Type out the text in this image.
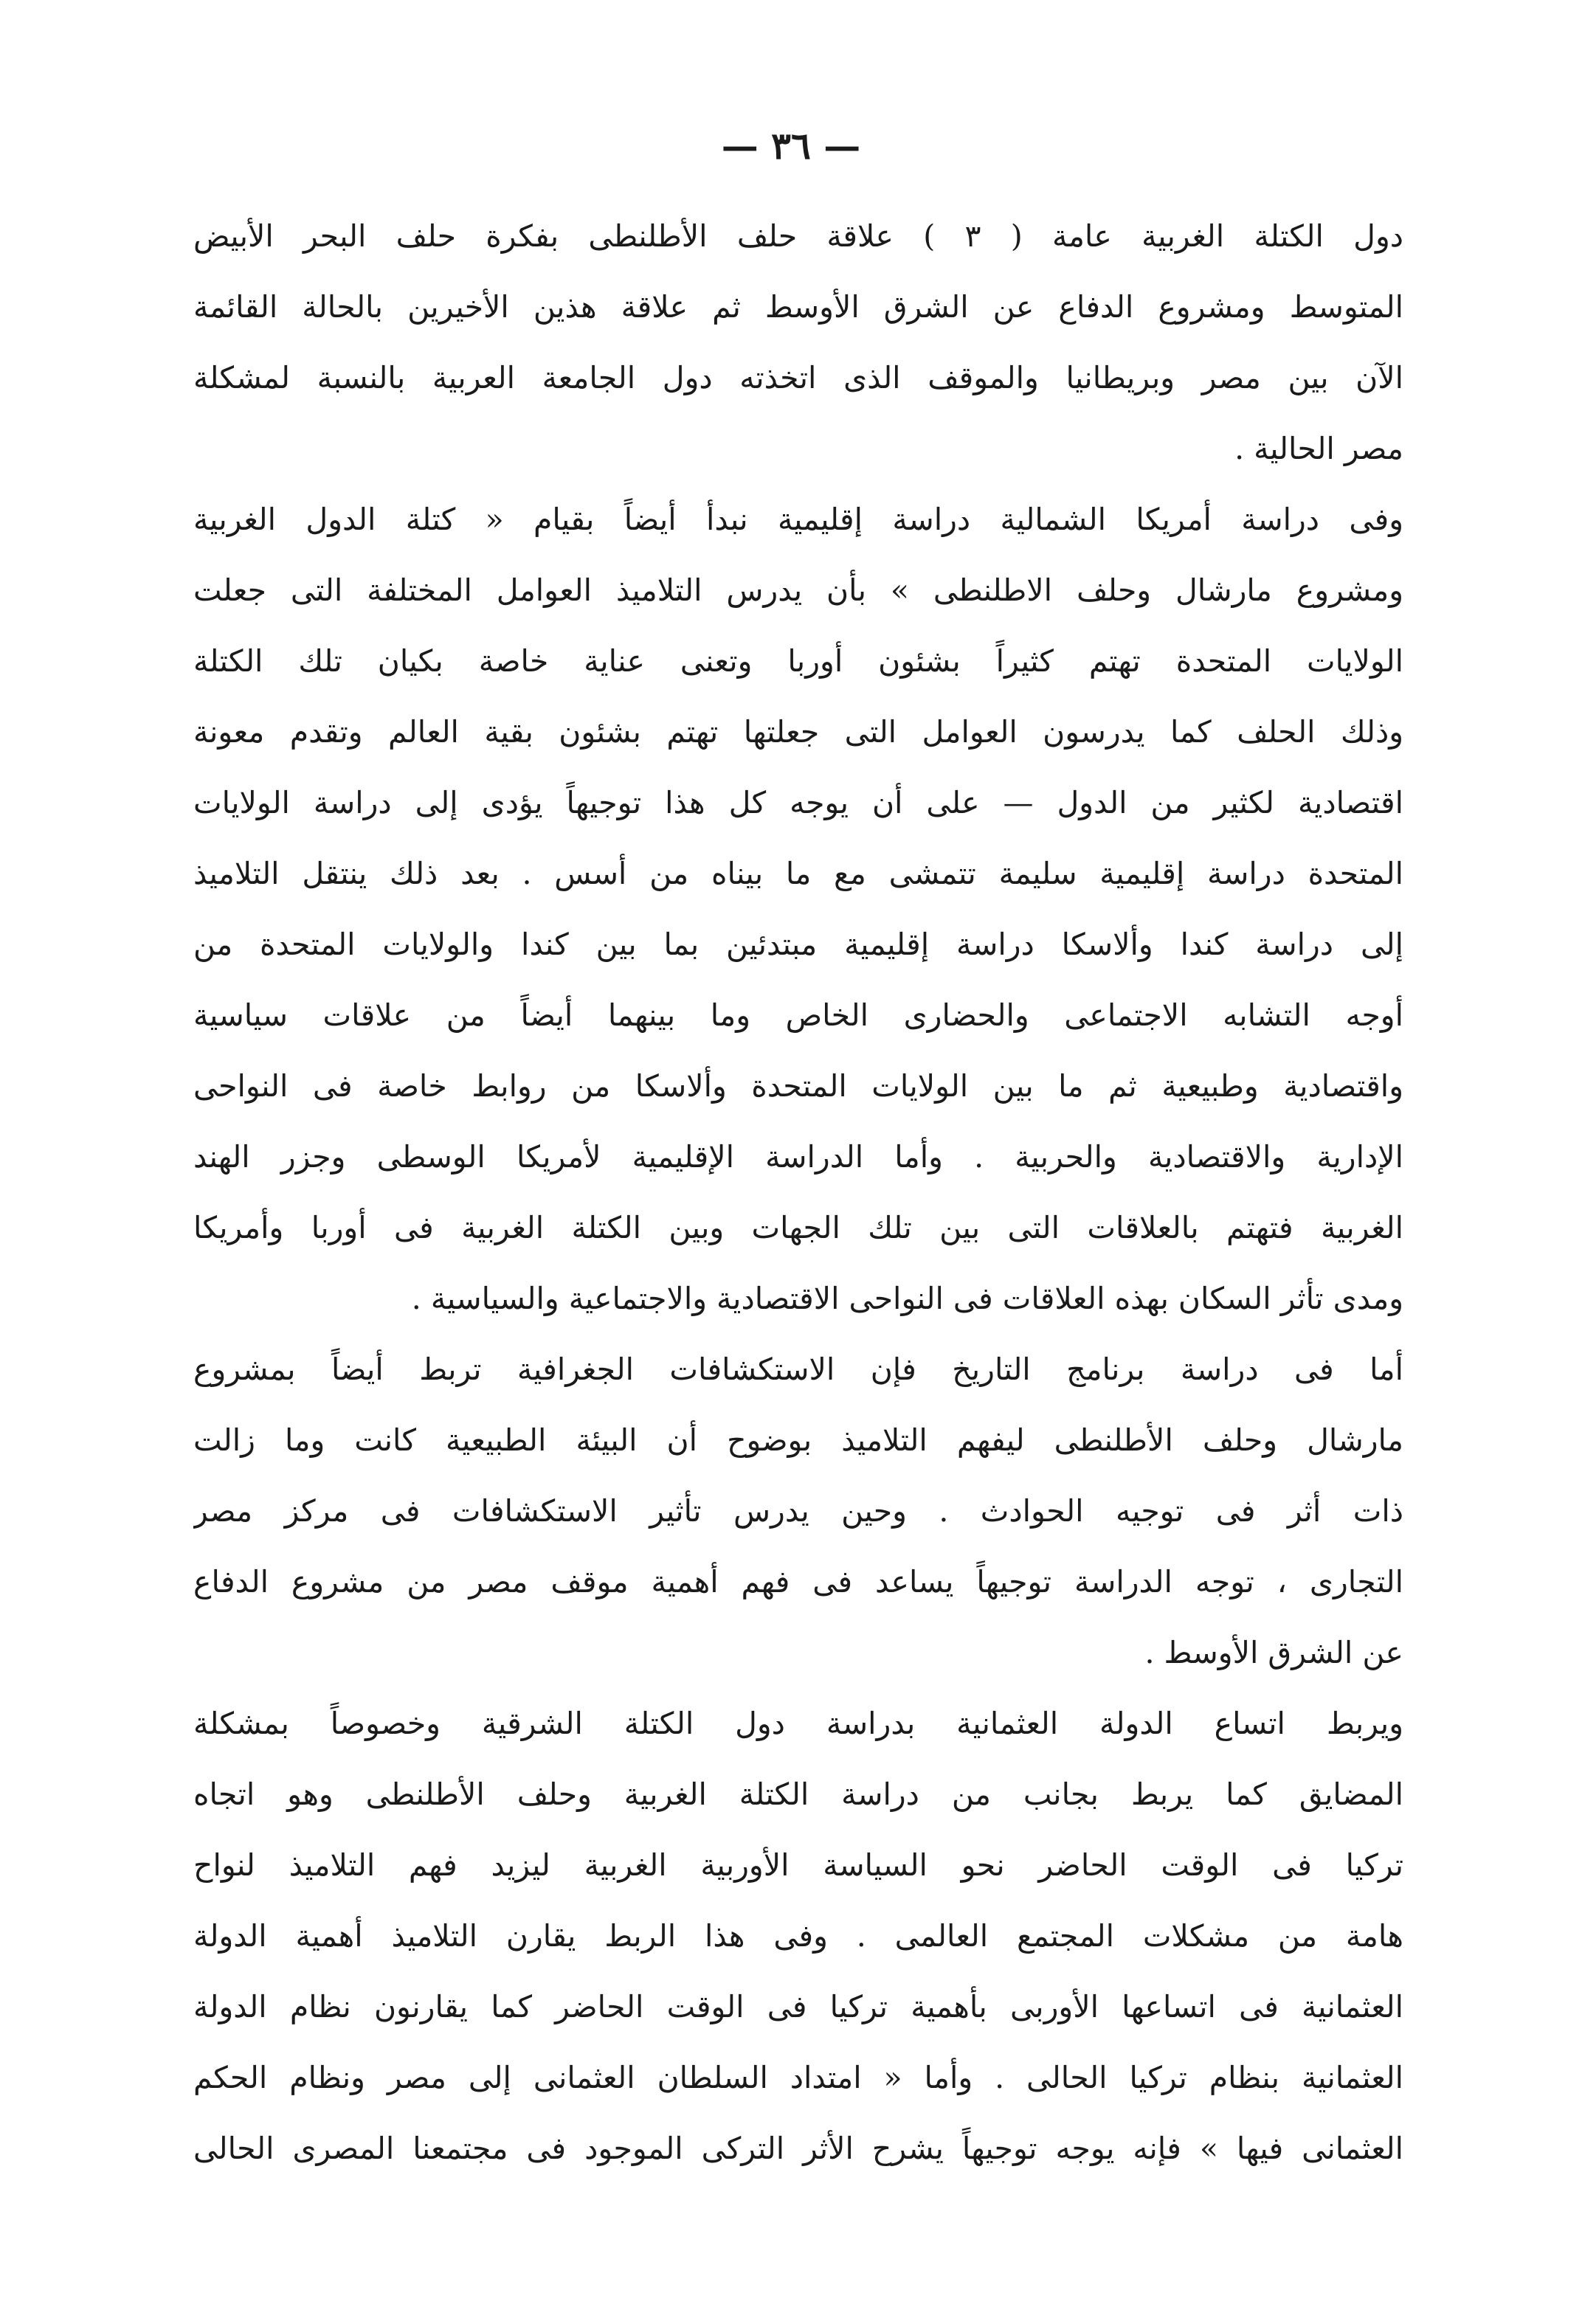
— ٣٦ —
دول الكتلة الغربية عامة ( ٣ ) علاقة حلف الأطلنطى بفكرة حلف البحر الأبيض
المتوسط ومشروع الدفاع عن الشرق الأوسط ثم علاقة هذين الأخيرين بالحالة القائمة
الآن بين مصر وبريطانيا والموقف الذى اتخذته دول الجامعة العربية بالنسبة لمشكلة
مصر الحالية .
وفى دراسة أمريكا الشمالية دراسة إقليمية نبدأ أيضاً بقيام « كتلة الدول الغربية
ومشروع مارشال وحلف الاطلنطى » بأن يدرس التلاميذ العوامل المختلفة التى جعلت
الولايات المتحدة تهتم كثيراً بشئون أوربا وتعنى عناية خاصة بكيان تلك الكتلة
وذلك الحلف كما يدرسون العوامل التى جعلتها تهتم بشئون بقية العالم وتقدم معونة
اقتصادية لكثير من الدول — على أن يوجه كل هذا توجيهاً يؤدى إلى دراسة الولايات
المتحدة دراسة إقليمية سليمة تتمشى مع ما بيناه من أسس . بعد ذلك ينتقل التلاميذ
إلى دراسة كندا وألاسكا دراسة إقليمية مبتدئين بما بين كندا والولايات المتحدة من
أوجه التشابه الاجتماعى والحضارى الخاص وما بينهما أيضاً من علاقات سياسية
واقتصادية وطبيعية ثم ما بين الولايات المتحدة وألاسكا من روابط خاصة فى النواحى
الإدارية والاقتصادية والحربية . وأما الدراسة الإقليمية لأمريكا الوسطى وجزر الهند
الغربية فتهتم بالعلاقات التى بين تلك الجهات وبين الكتلة الغربية فى أوربا وأمريكا
ومدى تأثر السكان بهذه العلاقات فى النواحى الاقتصادية والاجتماعية والسياسية .
أما فى دراسة برنامج التاريخ فإن الاستكشافات الجغرافية تربط أيضاً بمشروع
مارشال وحلف الأطلنطى ليفهم التلاميذ بوضوح أن البيئة الطبيعية كانت وما زالت
ذات أثر فى توجيه الحوادث . وحين يدرس تأثير الاستكشافات فى مركز مصر
التجارى ، توجه الدراسة توجيهاً يساعد فى فهم أهمية موقف مصر من مشروع الدفاع
عن الشرق الأوسط .
ويربط اتساع الدولة العثمانية بدراسة دول الكتلة الشرقية وخصوصاً بمشكلة
المضايق كما يربط بجانب من دراسة الكتلة الغربية وحلف الأطلنطى وهو اتجاه
تركيا فى الوقت الحاضر نحو السياسة الأوربية الغربية ليزيد فهم التلاميذ لنواح
هامة من مشكلات المجتمع العالمى . وفى هذا الربط يقارن التلاميذ أهمية الدولة
العثمانية فى اتساعها الأوربى بأهمية تركيا فى الوقت الحاضر كما يقارنون نظام الدولة
العثمانية بنظام تركيا الحالى . وأما « امتداد السلطان العثمانى إلى مصر ونظام الحكم
العثمانى فيها » فإنه يوجه توجيهاً يشرح الأثر التركى الموجود فى مجتمعنا المصرى الحالى
